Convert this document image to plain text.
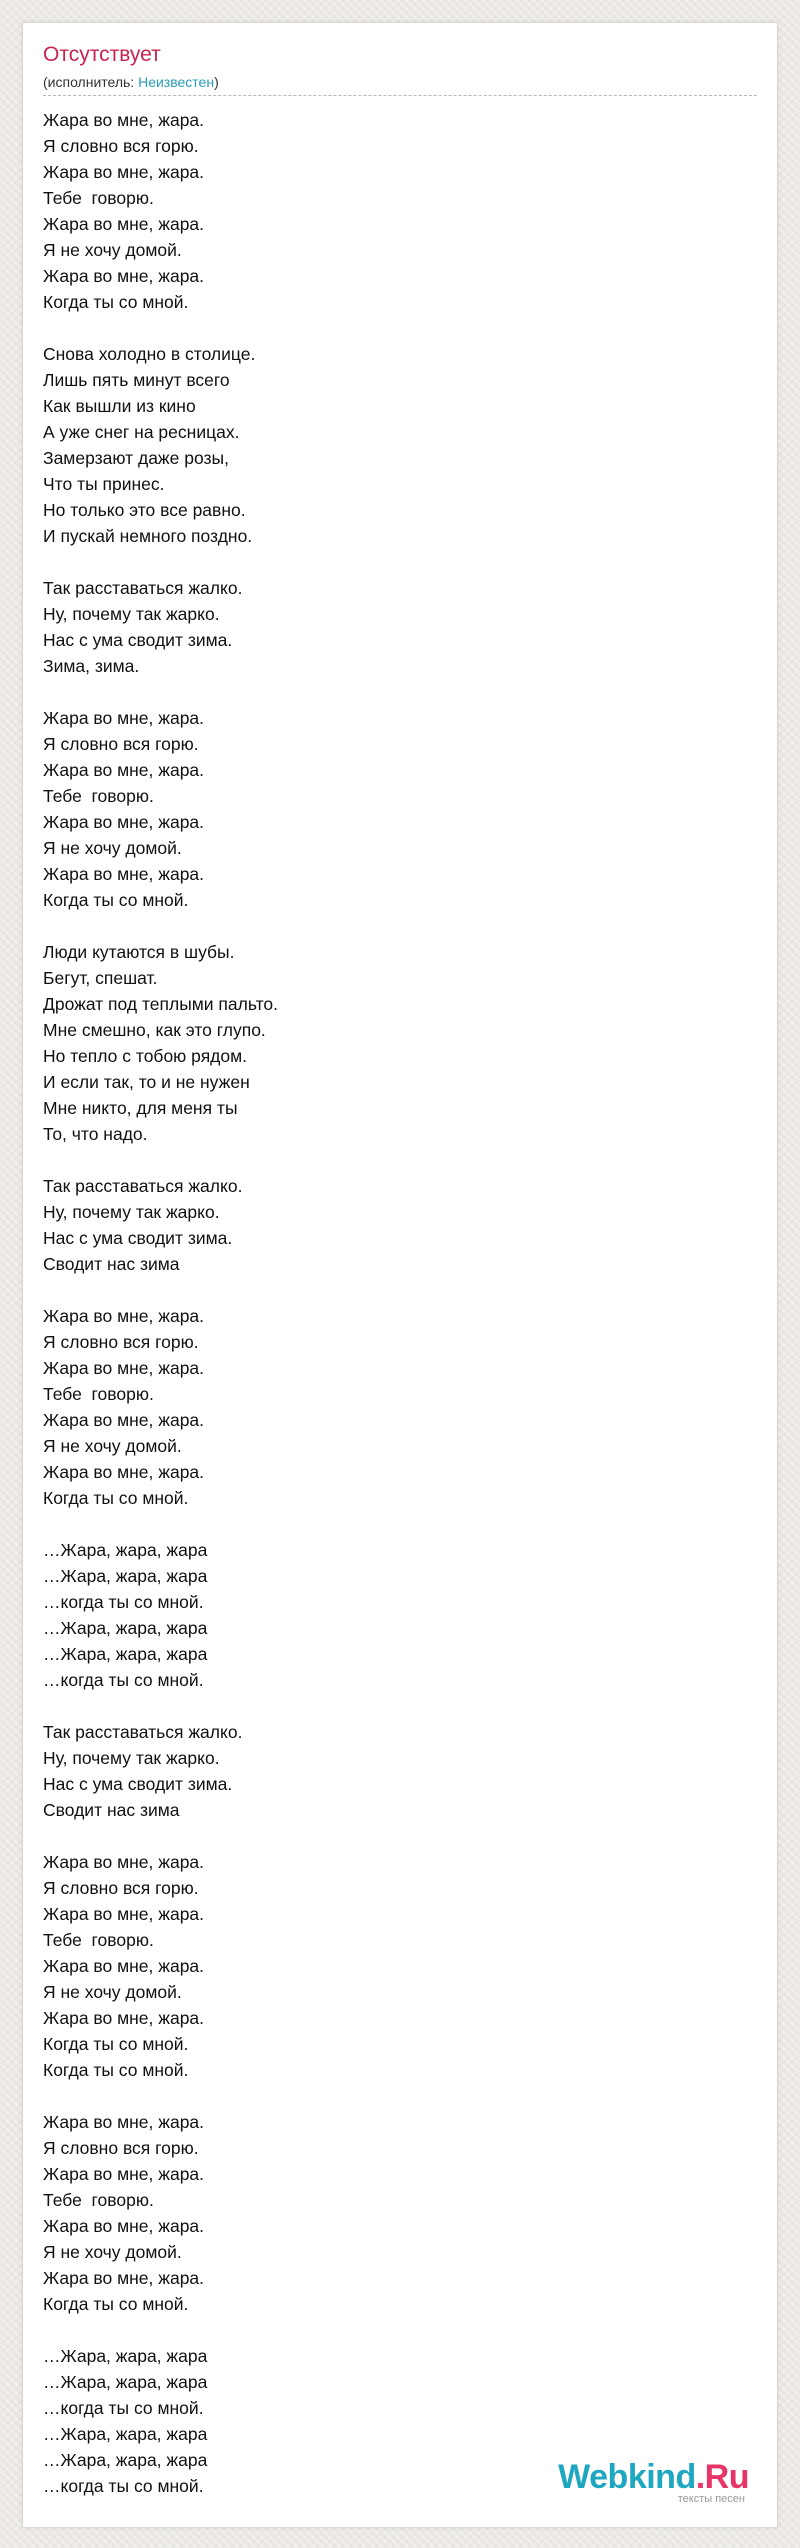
Отсутствует
(исполнитель: Неизвестен)
Жара во мне, жара.
Я словно вся горю.
Жара во мне, жара.
Тебе  говорю.
Жара во мне, жара.
Я не хочу домой.
Жара во мне, жара.
Когда ты со мной.
Снова холодно в столице.
Лишь пять минут всего
Как вышли из кино
А уже снег на ресницах.
Замерзают даже розы,
Что ты принес.
Но только это все равно.
И пускай немного поздно.
Так расставаться жалко.
Ну, почему так жарко.
Нас с ума сводит зима.
Зима, зима.
Жара во мне, жара.
Я словно вся горю.
Жара во мне, жара.
Тебе  говорю.
Жара во мне, жара.
Я не хочу домой.
Жара во мне, жара.
Когда ты со мной.
Люди кутаются в шубы.
Бегут, спешат.
Дрожат под теплыми пальто.
Мне смешно, как это глупо.
Но тепло с тобою рядом.
И если так, то и не нужен
Мне никто, для меня ты
То, что надо.
Так расставаться жалко.
Ну, почему так жарко.
Нас с ума сводит зима.
Сводит нас зима
Жара во мне, жара.
Я словно вся горю.
Жара во мне, жара.
Тебе  говорю.
Жара во мне, жара.
Я не хочу домой.
Жара во мне, жара.
Когда ты со мной.
…Жара, жара, жара
…Жара, жара, жара
…когда ты со мной.
…Жара, жара, жара
…Жара, жара, жара
…когда ты со мной.
Так расставаться жалко.
Ну, почему так жарко.
Нас с ума сводит зима.
Сводит нас зима
Жара во мне, жара.
Я словно вся горю.
Жара во мне, жара.
Тебе  говорю.
Жара во мне, жара.
Я не хочу домой.
Жара во мне, жара.
Когда ты со мной.
Когда ты со мной.
Жара во мне, жара.
Я словно вся горю.
Жара во мне, жара.
Тебе  говорю.
Жара во мне, жара.
Я не хочу домой.
Жара во мне, жара.
Когда ты со мной.
…Жара, жара, жара
…Жара, жара, жара
…когда ты со мной.
…Жара, жара, жара
…Жара, жара, жара
…когда ты со мной.	Webkind.Ru
тексты песен
